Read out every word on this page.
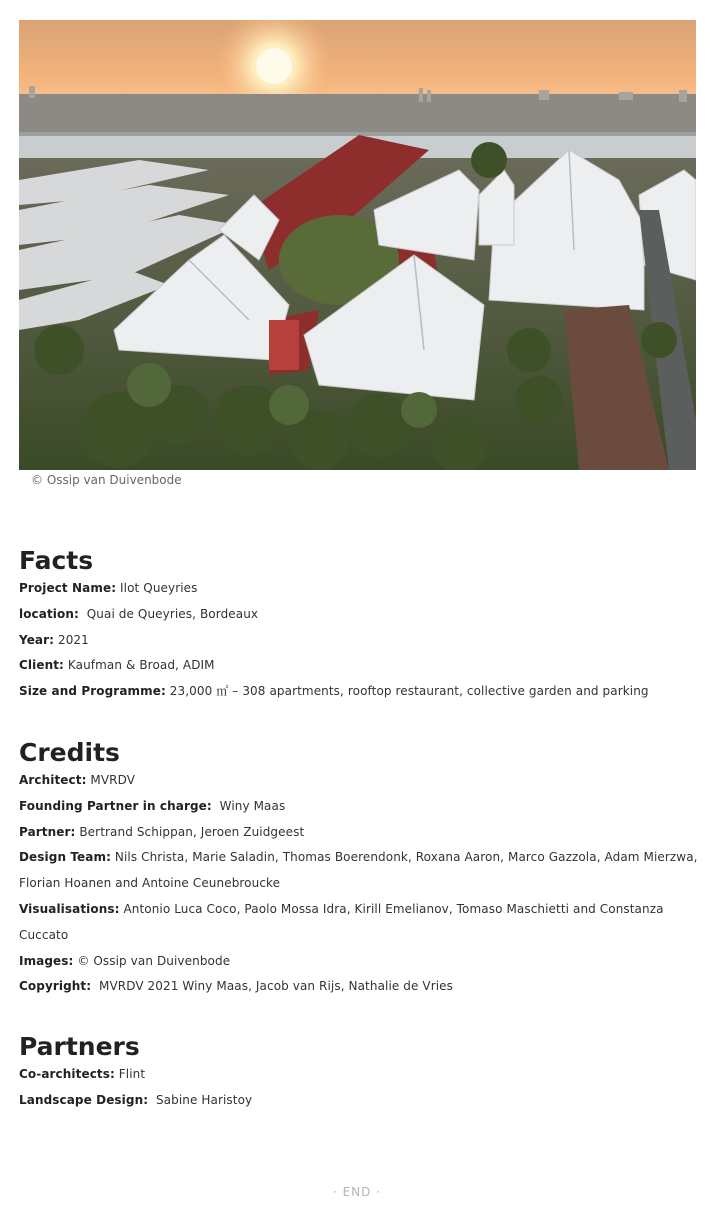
© Ossip van Duivenbode
Facts
Project Name: Ilot Queyries
location:  Quai de Queyries, Bordeaux
Year: 2021
Client: Kaufman & Broad, ADIM
Size and Programme: 23,000 ㎡ – 308 apartments, rooftop restaurant, collective garden and parking
Credits
Architect: MVRDV
Founding Partner in charge:  Winy Maas
Partner: Bertrand Schippan, Jeroen Zuidgeest
Design Team: Nils Christa, Marie Saladin, Thomas Boerendonk, Roxana Aaron, Marco Gazzola, Adam Mierzwa, Florian Hoanen and Antoine Ceunebroucke
Visualisations: Antonio Luca Coco, Paolo Mossa Idra, Kirill Emelianov, Tomaso Maschietti and Constanza Cuccato
Images: © Ossip van Duivenbode
Copyright:  MVRDV 2021 Winy Maas, Jacob van Rijs, Nathalie de Vries
Partners
Co-architects: Flint
Landscape Design:  Sabine Haristoy
· END ·
